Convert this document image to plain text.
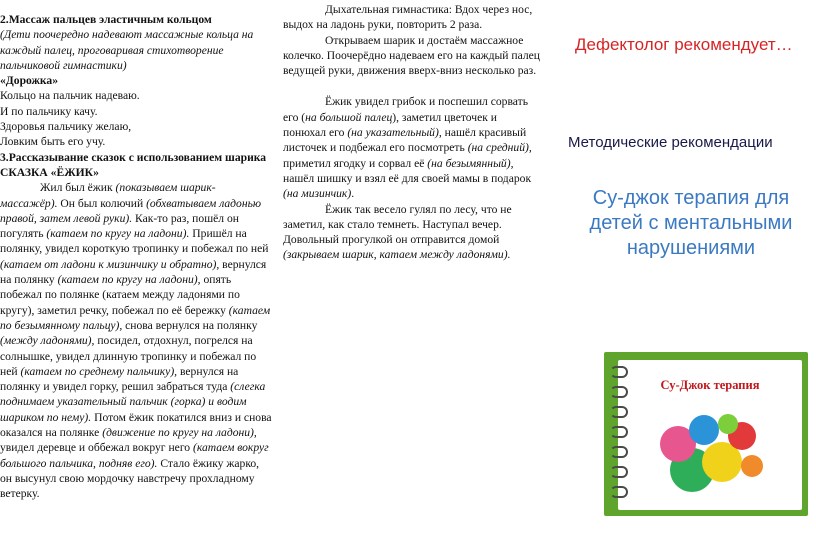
2.Массаж пальцев эластичным кольцом

(Дети поочередно надевают массажные кольца на каждый палец, проговаривая стихотворение пальчиковой гимнастики)

«Дорожка»

Кольцо на пальчик надеваю.

И по пальчику качу.

Здоровья пальчику желаю,

Ловким быть его учу.

3.Рассказывание сказок с использованием шарика СКАЗКА «ЁЖИК»

Жил был ёжик (показываем шарик-массажёр). Он был колючий (обхватываем ладонью правой, затем левой руки). Как-то раз, пошёл он погулять (катаем по кругу на ладони). Пришёл на полянку, увидел короткую тропинку и побежал по ней (катаем от ладони к мизинчику и обратно), вернулся на полянку (катаем по кругу на ладони), опять побежал по полянке (катаем между ладонями по кругу), заметил речку, побежал по её бережку (катаем по безымянному пальцу), снова вернулся на полянку (между ладонями), посидел, отдохнул, погрелся на солнышке, увидел длинную тропинку и побежал по ней (катаем по среднему пальчику), вернулся на полянку и увидел горку, решил забраться туда (слегка поднимаем указательный пальчик (горка) и водим шариком по нему). Потом ёжик покатился вниз и снова оказался на полянке (движение по кругу на ладони), увидел деревце и оббежал вокруг него (катаем вокруг большого пальчика, подняв его). Стало ёжику жарко, он высунул свою мордочку навстречу прохладному ветерку.

Дыхательная гимнастика: Вдох через нос, выдох на ладонь руки, повторить 2 раза.

Открываем шарик и достаём массажное колечко. Поочерёдно надеваем его на каждый палец ведущей руки, движения вверх-вниз несколько раз.

Ёжик увидел грибок и поспешил сорвать его (на большой палец), заметил цветочек и понюхал его (на указательный), нашёл красивый листочек и подбежал его посмотреть (на средний), приметил ягодку и сорвал её (на безымянный), нашёл шишку и взял её для своей мамы в подарок (на мизинчик).

Ёжик так весело гулял по лесу, что не заметил, как стало темнеть. Наступал вечер. Довольный прогулкой он отправится домой (закрываем шарик, катаем между ладонями).

Дефектолог рекомендует…
Методические рекомендации
Су-джок терапия для детей с ментальными нарушениями
Су-Джок терапия
